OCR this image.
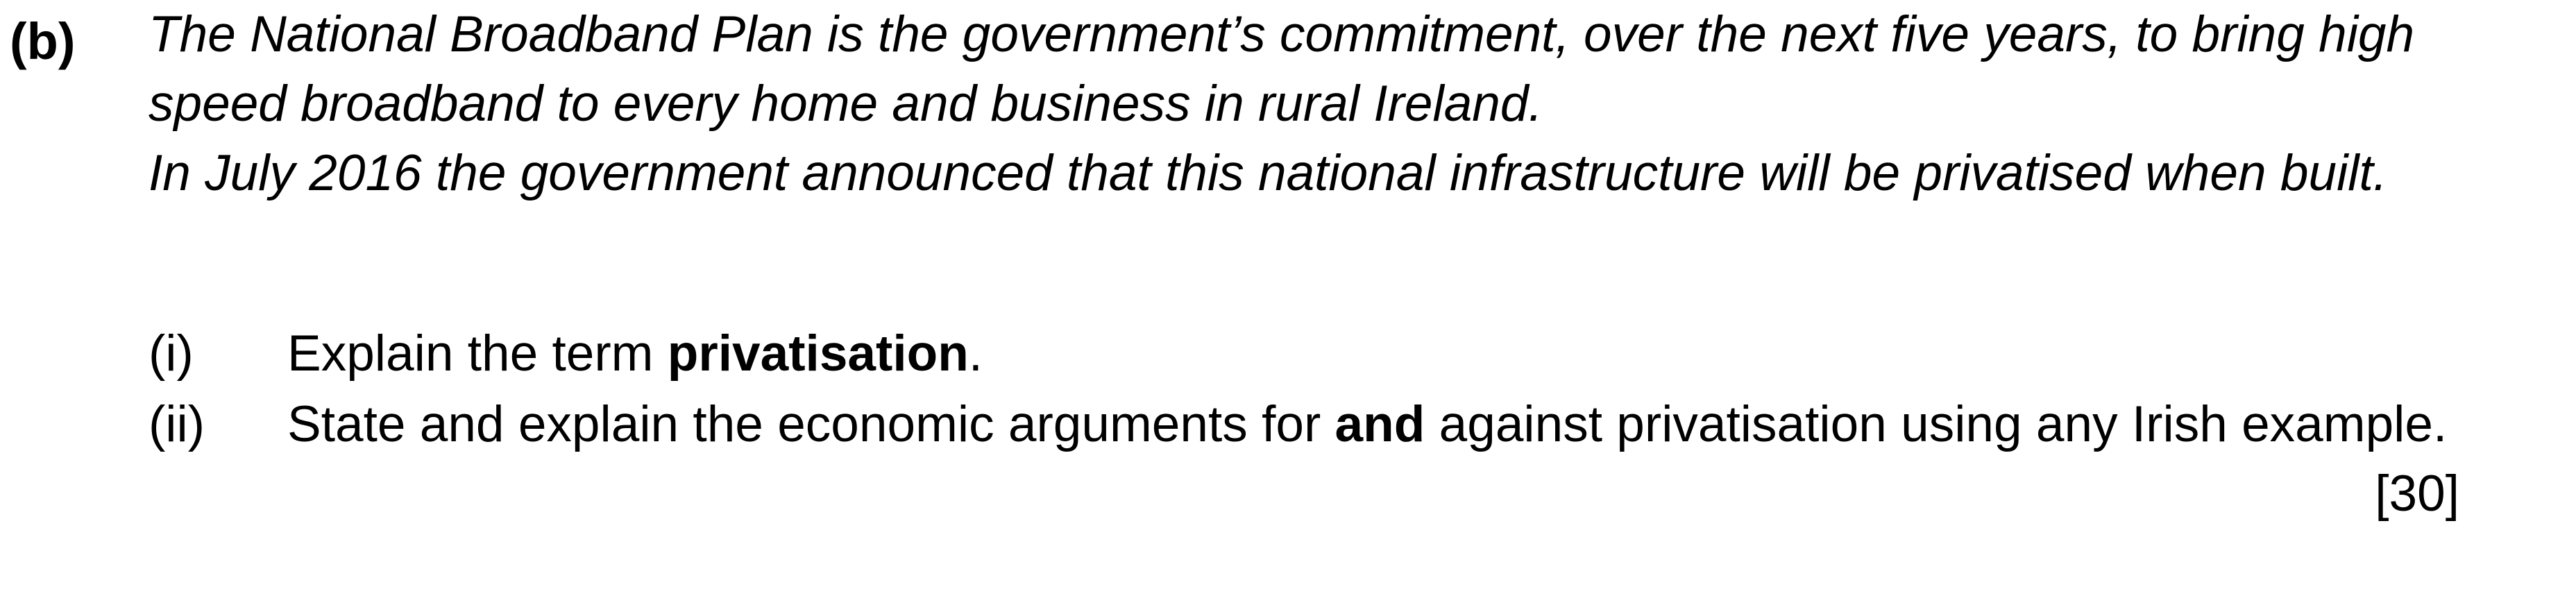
(b) The National Broadband Plan is the government’s commitment, over the next five years, to bring high speed broadband to every home and business in rural Ireland.

In July 2016 the government announced that this national infrastructure will be privatised when built.

(i)	Explain the term privatisation.
(ii)	State and explain the economic arguments for and against privatisation using any Irish example.
[30]
